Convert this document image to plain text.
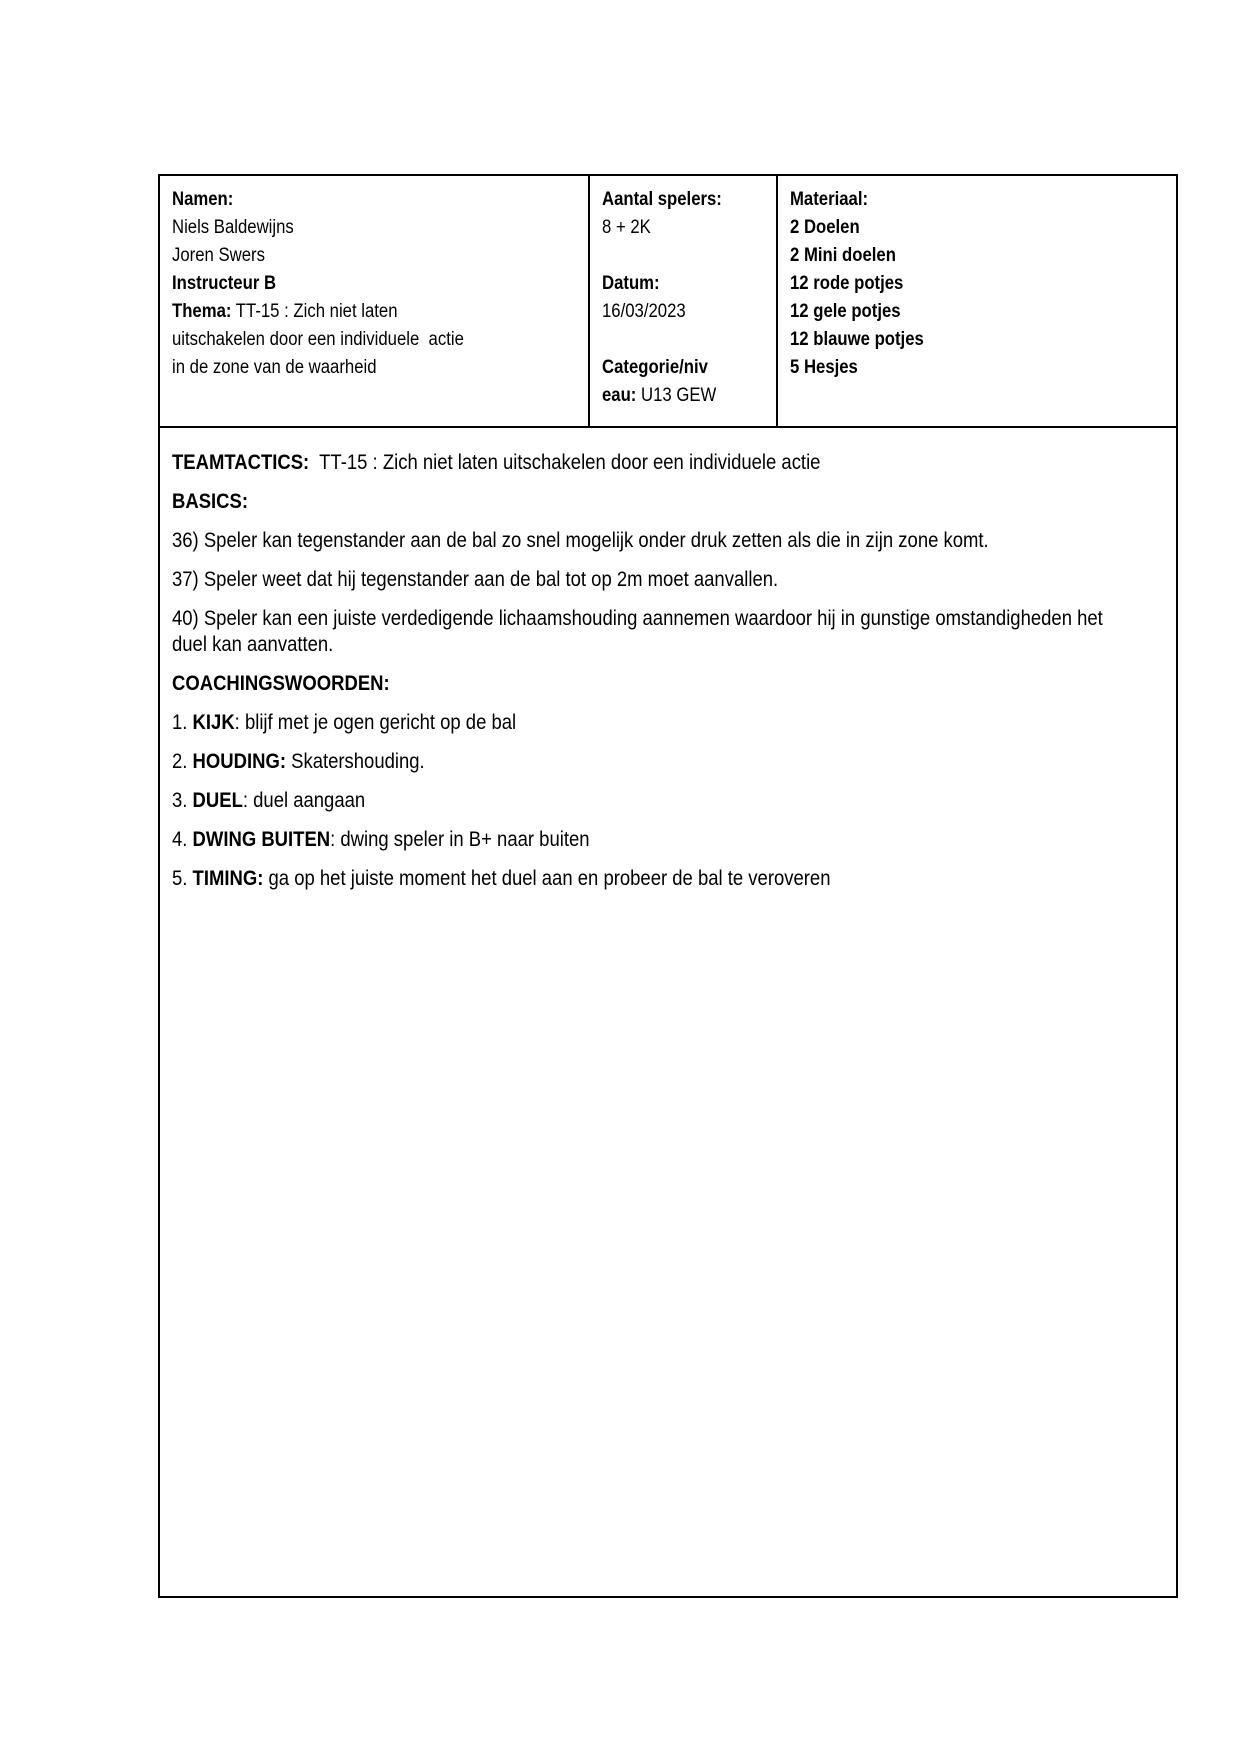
Namen:
Niels Baldewijns
Joren Swers
Instructeur B
Thema: TT-15 : Zich niet laten
uitschakelen door een individuele  actie
in de zone van de waarheid
Aantal spelers:
8 + 2K

Datum:
16/03/2023

Categorie/niv
eau: U13 GEW
Materiaal:
2 Doelen
2 Mini doelen
12 rode potjes
12 gele potjes
12 blauwe potjes
5 Hesjes
TEAMTACTICS:  TT-15 : Zich niet laten uitschakelen door een individuele actie
BASICS:
36) Speler kan tegenstander aan de bal zo snel mogelijk onder druk zetten als die in zijn zone komt.
37) Speler weet dat hij tegenstander aan de bal tot op 2m moet aanvallen.
40) Speler kan een juiste verdedigende lichaamshouding aannemen waardoor hij in gunstige omstandigheden het
duel kan aanvatten.
COACHINGSWOORDEN:
1. KIJK: blijf met je ogen gericht op de bal
2. HOUDING: Skatershouding.
3. DUEL: duel aangaan
4. DWING BUITEN: dwing speler in B+ naar buiten
5. TIMING: ga op het juiste moment het duel aan en probeer de bal te veroveren
